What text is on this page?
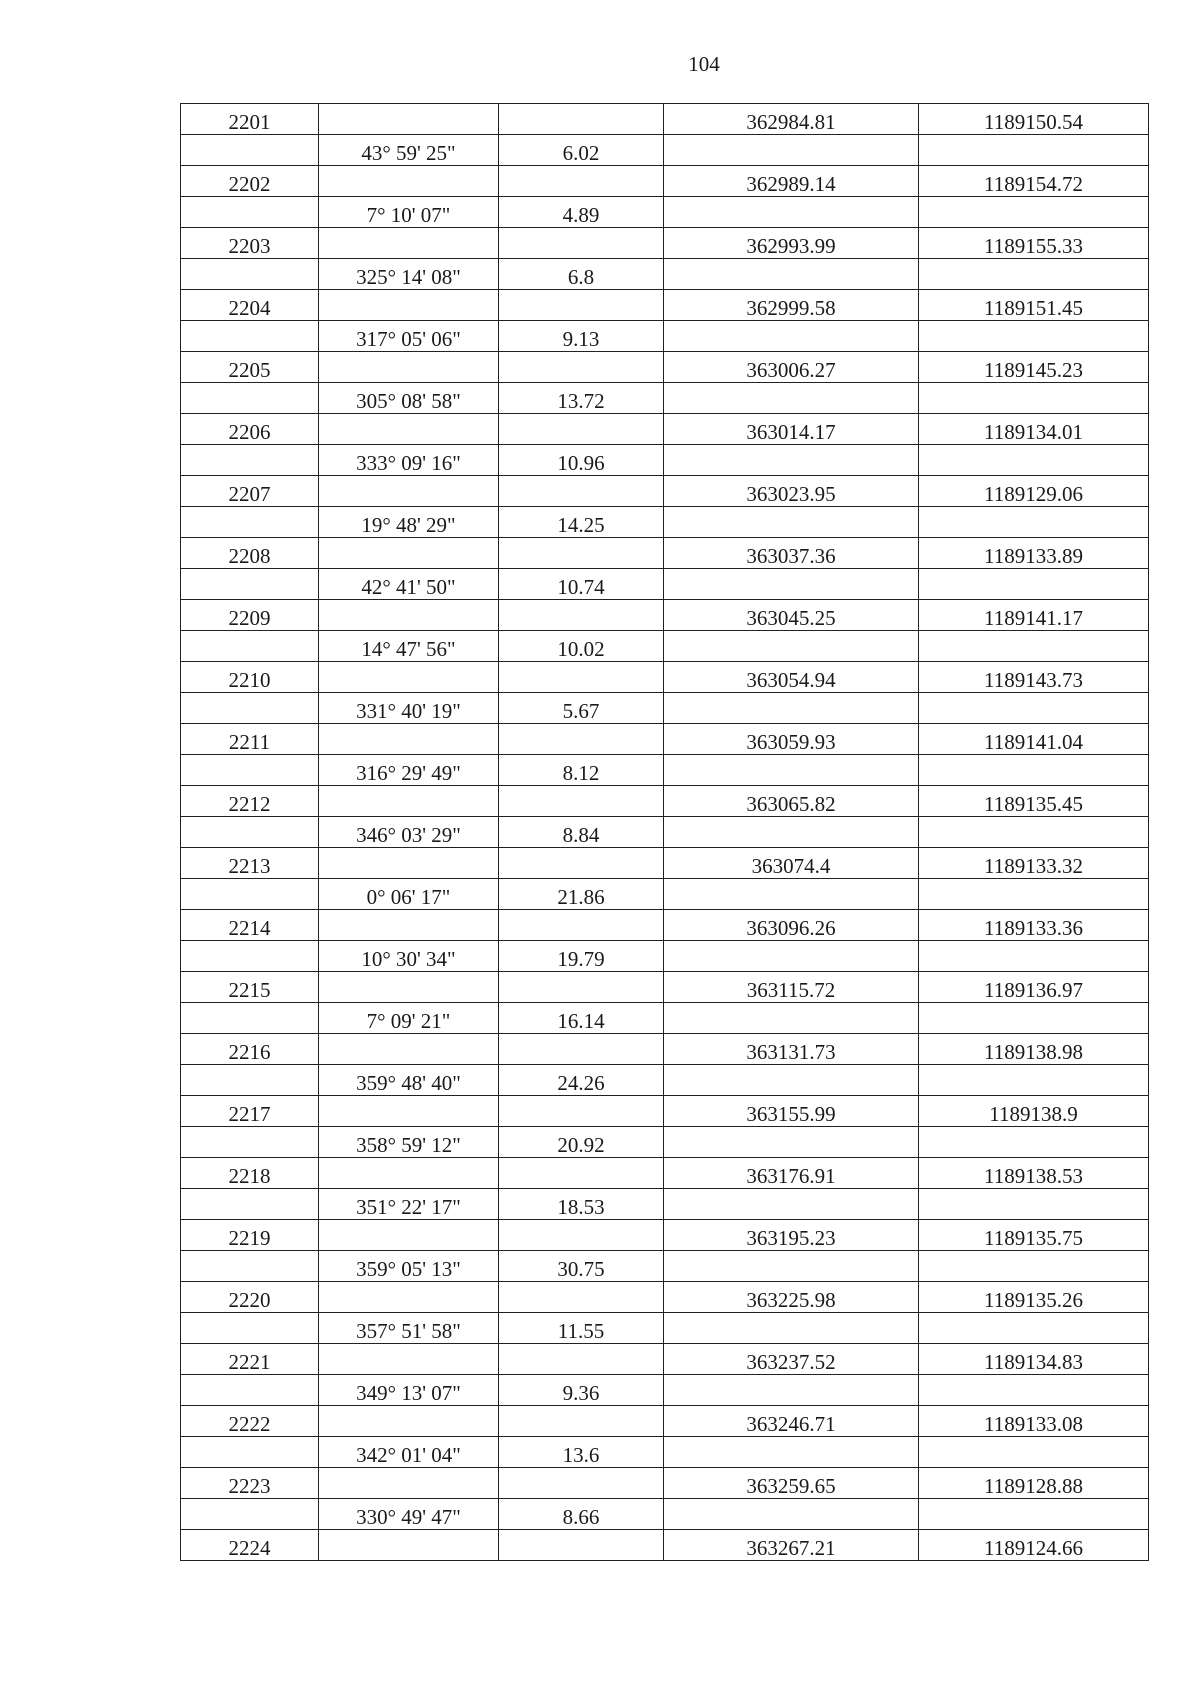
104
2201			362984.81	1189150.54
	43° 59' 25"	6.02		
2202			362989.14	1189154.72
	7° 10' 07"	4.89		
2203			362993.99	1189155.33
	325° 14' 08"	6.8		
2204			362999.58	1189151.45
	317° 05' 06"	9.13		
2205			363006.27	1189145.23
	305° 08' 58"	13.72		
2206			363014.17	1189134.01
	333° 09' 16"	10.96		
2207			363023.95	1189129.06
	19° 48' 29"	14.25		
2208			363037.36	1189133.89
	42° 41' 50"	10.74		
2209			363045.25	1189141.17
	14° 47' 56"	10.02		
2210			363054.94	1189143.73
	331° 40' 19"	5.67		
2211			363059.93	1189141.04
	316° 29' 49"	8.12		
2212			363065.82	1189135.45
	346° 03' 29"	8.84		
2213			363074.4	1189133.32
	0° 06' 17"	21.86		
2214			363096.26	1189133.36
	10° 30' 34"	19.79		
2215			363115.72	1189136.97
	7° 09' 21"	16.14		
2216			363131.73	1189138.98
	359° 48' 40"	24.26		
2217			363155.99	1189138.9
	358° 59' 12"	20.92		
2218			363176.91	1189138.53
	351° 22' 17"	18.53		
2219			363195.23	1189135.75
	359° 05' 13"	30.75		
2220			363225.98	1189135.26
	357° 51' 58"	11.55		
2221			363237.52	1189134.83
	349° 13' 07"	9.36		
2222			363246.71	1189133.08
	342° 01' 04"	13.6		
2223			363259.65	1189128.88
	330° 49' 47"	8.66		
2224			363267.21	1189124.66
